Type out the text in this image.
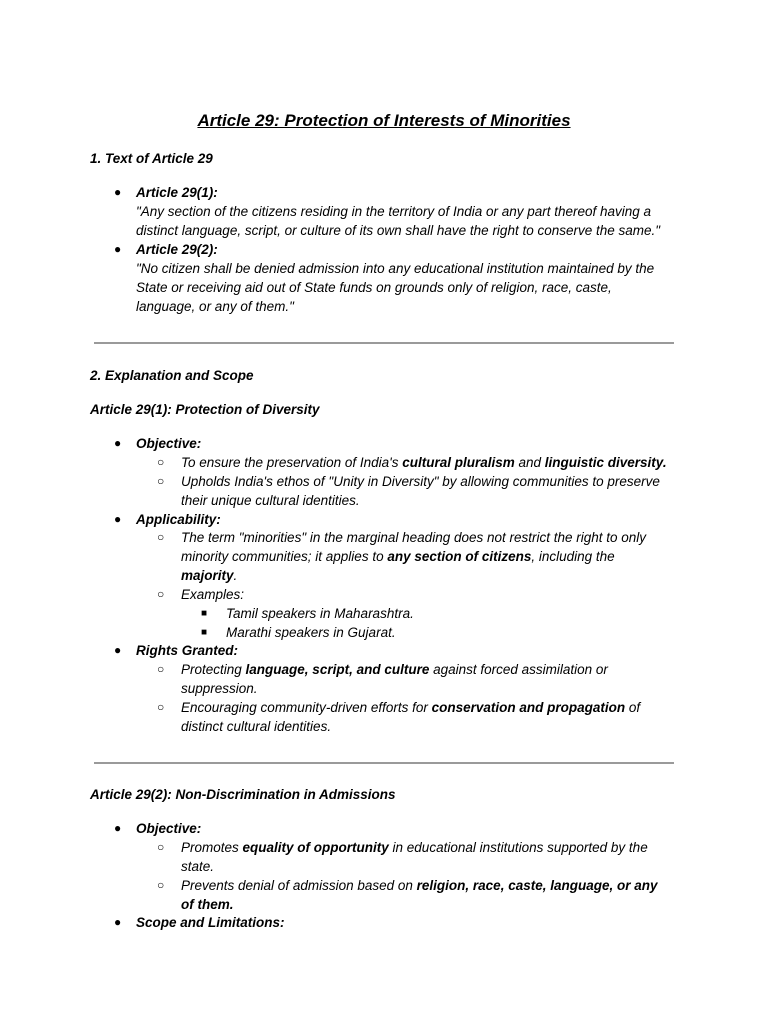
Article 29: Protection of Interests of Minorities
1. Text of Article 29
● Article 29(1):
"Any section of the citizens residing in the territory of India or any part thereof having a
distinct language, script, or culture of its own shall have the right to conserve the same."
● Article 29(2):
"No citizen shall be denied admission into any educational institution maintained by the
State or receiving aid out of State funds on grounds only of religion, race, caste,
language, or any of them."
2. Explanation and Scope
Article 29(1): Protection of Diversity
● Objective:
○ To ensure the preservation of India's cultural pluralism and linguistic diversity.
○ Upholds India's ethos of "Unity in Diversity" by allowing communities to preserve
their unique cultural identities.
● Applicability:
○ The term "minorities" in the marginal heading does not restrict the right to only
minority communities; it applies to any section of citizens, including the
majority.
○ Examples:
■ Tamil speakers in Maharashtra.
■ Marathi speakers in Gujarat.
● Rights Granted:
○ Protecting language, script, and culture against forced assimilation or
suppression.
○ Encouraging community-driven efforts for conservation and propagation of
distinct cultural identities.
Article 29(2): Non-Discrimination in Admissions
● Objective:
○ Promotes equality of opportunity in educational institutions supported by the
state.
○ Prevents denial of admission based on religion, race, caste, language, or any
of them.
● Scope and Limitations:
